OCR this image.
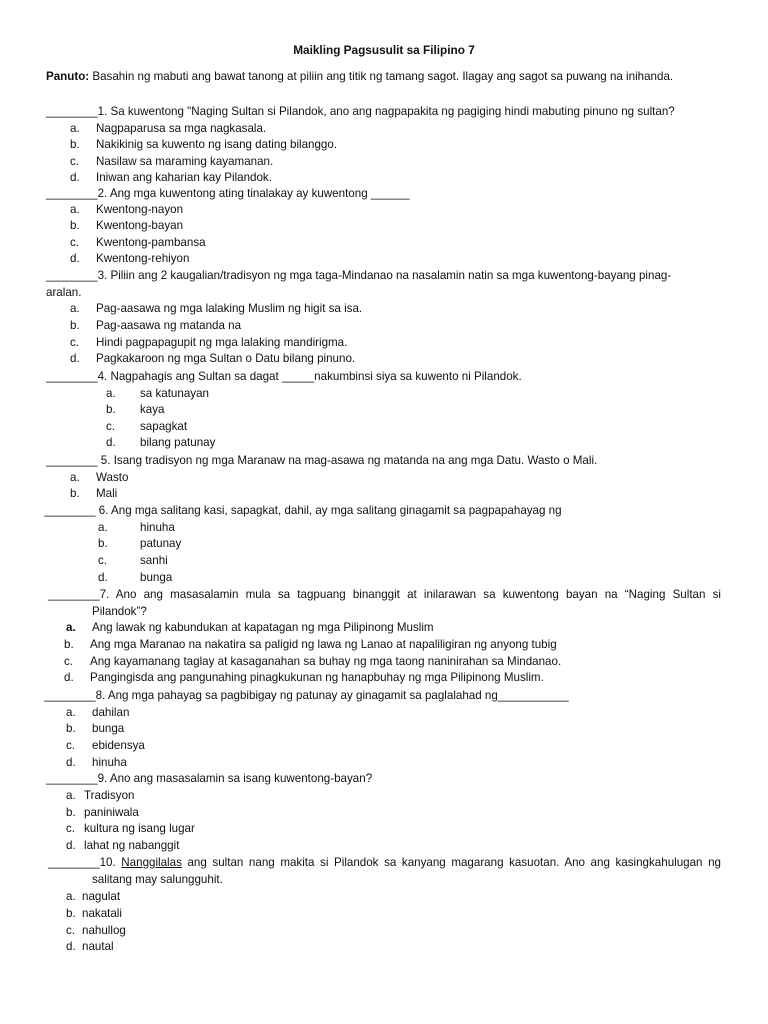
Maikling Pagsusulit sa Filipino 7
Panuto: Basahin ng mabuti ang bawat tanong at piliin ang titik ng tamang sagot. Ilagay ang sagot sa puwang na inihanda.
________1. Sa kuwentong "Naging Sultan si Pilandok, ano ang nagpapakita ng pagiging hindi mabuting pinuno ng sultan?
a. Nagpaparusa sa mga nagkasala.
b. Nakikinig sa kuwento ng isang dating bilanggo.
c. Nasilaw sa maraming kayamanan.
d. Iniwan ang kaharian kay Pilandok.
________2. Ang mga kuwentong ating tinalakay ay kuwentong ______
a. Kwentong-nayon
b. Kwentong-bayan
c. Kwentong-pambansa
d. Kwentong-rehiyon
________3. Piliin ang 2 kaugalian/tradisyon ng mga taga-Mindanao na nasalamin natin sa mga kuwentong-bayang pinag-
aralan.
a. Pag-aasawa ng mga lalaking Muslim ng higit sa isa.
b. Pag-aasawa ng matanda na
c. Hindi pagpapagupit ng mga lalaking mandirigma.
d. Pagkakaroon ng mga Sultan o Datu bilang pinuno.
________4. Nagpahagis ang Sultan sa dagat _____nakumbinsi siya sa kuwento ni Pilandok.
a. sa katunayan
b. kaya
c. sapagkat
d. bilang patunay
________ 5. Isang tradisyon ng mga Maranaw na mag-asawa ng matanda na ang mga Datu. Wasto o Mali.
a. Wasto
b. Mali
________ 6. Ang mga salitang kasi, sapagkat, dahil, ay mga salitang ginagamit sa pagpapahayag ng
a.	hinuha
b.	patunay
c.	sanhi
d.	bunga
________7. Ano ang masasalamin mula sa tagpuang binanggit at inilarawan sa kuwentong bayan na “Naging Sultan si
Pilandok”?
a. Ang lawak ng kabundukan at kapatagan ng mga Pilipinong Muslim
b. Ang mga Maranao na nakatira sa paligid ng lawa ng Lanao at napaliligiran ng anyong tubig
c. Ang kayamanang taglay at kasaganahan sa buhay ng mga taong naninirahan sa Mindanao.
d. Pangingisda ang pangunahing pinagkukunan ng hanapbuhay ng mga Pilipinong Muslim.
________8. Ang mga pahayag sa pagbibigay ng patunay ay ginagamit sa paglalahad ng___________
a. dahilan
b. bunga
c. ebidensya
d. hinuha
________9. Ano ang masasalamin sa isang kuwentong-bayan?
a. Tradisyon
b. paniniwala
c. kultura ng isang lugar
d. lahat ng nabanggit
________10. Nanggilalas ang sultan nang makita si Pilandok sa kanyang magarang kasuotan. Ano ang kasingkahulugan ng
salitang may salungguhit.
a. nagulat
b. nakatali
c. nahullog
d. nautal
